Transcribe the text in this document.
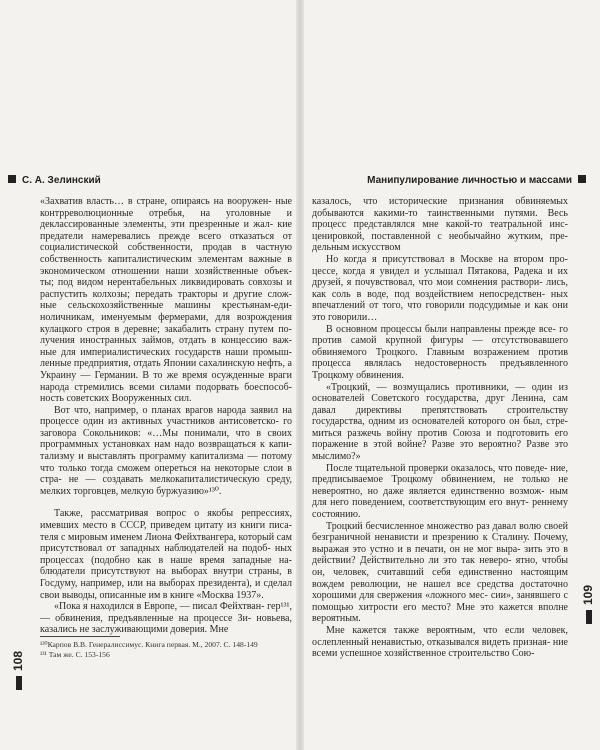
С. А. Зелинский

«Захватив власть… в стране, опираясь на вооружен- ные контрреволюционные отребья, на уголовные и деклассированные элементы, эти презренные и жал- кие предатели намеревались прежде всего отказаться от социалистической собственности, продав в частную собственность капиталистическим элементам важные в экономическом отношении наши хозяйственные объек- ты; под видом нерентабельных ликвидировать совхозы и распустить колхозы; передать тракторы и другие слож- ные сельскохозяйственные машины крестьянам-еди- ноличникам, именуемым фермерами, для возрождения кулацкого строя в деревне; закабалить страну путем по- лучения иностранных займов, отдать в концессию важ- ные для империалистических государств наши промыш- ленные предприятия, отдать Японии сахалинскую нефть, а Украину — Германии. В то же время осужденные враги народа стремились всеми силами подорвать боеспособ- ность советских Вооруженных сил.

Вот что, например, о планах врагов народа заявил на процессе один из активных участников антисоветско- го заговора Сокольников: «…Мы понимали, что в своих программных установках нам надо возвращаться к капи- тализму и выставлять программу капитализма — потому что только тогда сможем опереться на некоторые слои в стра- не — создавать мелкокапиталистическую среду, мелких торговцев, мелкую буржуазию»¹³⁰.

Также, рассматривая вопрос о якобы репрессиях, имевших место в СССР, приведем цитату из книги писа- теля с мировым именем Лиона Фейхтвангера, который сам присутствовал от западных наблюдателей на подоб- ных процессах (подобно как в наше время западные на- блюдатели присутствуют на выборах внутри страны, в Госдуму, например, или на выборах президента), и сделал свои выводы, описанные им в книге «Москва 1937».

«Пока я находился в Европе, — писал Фейхтван- гер¹³¹, — обвинения, предъявленные на процессе Зи- новьева, казались не заслуживающими доверия. Мне

¹³⁰Карпов В.В. Генералиссимус. Книга первая. М., 2007. С. 148-149
¹³¹ Там же. С. 153-156
108
Манипулирование личностью и массами

казалось, что исторические признания обвиняемых добываются какими-то таинственными путями. Весь процесс представлялся мне какой-то театральной инс- ценировкой, поставленной с необычайно жутким, пре- дельным искусством

Но когда я присутствовал в Москве на втором про- цессе, когда я увидел и услышал Пятакова, Радека и их друзей, я почувствовал, что мои сомнения раствори- лись, как соль в воде, под воздействием непосредствен- ных впечатлений от того, что говорили подсудимые и как они это говорили…

В основном процессы были направлены прежде все- го против самой крупной фигуры — отсутствовавшего обвиняемого Троцкого. Главным возражением против процесса являлась недостоверность предъявленного Троцкому обвинения.

«Троцкий, — возмущались противники, — один из основателей Советского государства, друг Ленина, сам давал директивы препятствовать строительству государства, одним из основателей которого он был, стре- миться разжечь войну против Союза и подготовить его поражение в этой войне? Разве это вероятно? Разве это мыслимо?»

После тщательной проверки оказалось, что поведе- ние, предписываемое Троцкому обвинением, не только не невероятно, но даже является единственно возмож- ным для него поведением, соответствующим его внут- реннему состоянию.

Троцкий бесчисленное множество раз давал волю своей безграничной ненависти и презрению к Сталину. Почему, выражая это устно и в печати, он не мог выра- зить это в действии? Действительно ли это так неверо- ятно, чтобы он, человек, считавший себя единственно настоящим вождем революции, не нашел все средства достаточно хорошими для свержения «ложного мес- сии», занявшего с помощью хитрости его место? Мне это кажется вполне вероятным.

Мне кажется также вероятным, что если человек, ослепленный ненавистью, отказывался видеть призная- ние всеми успешное хозяйственное строительство Сою-

109
